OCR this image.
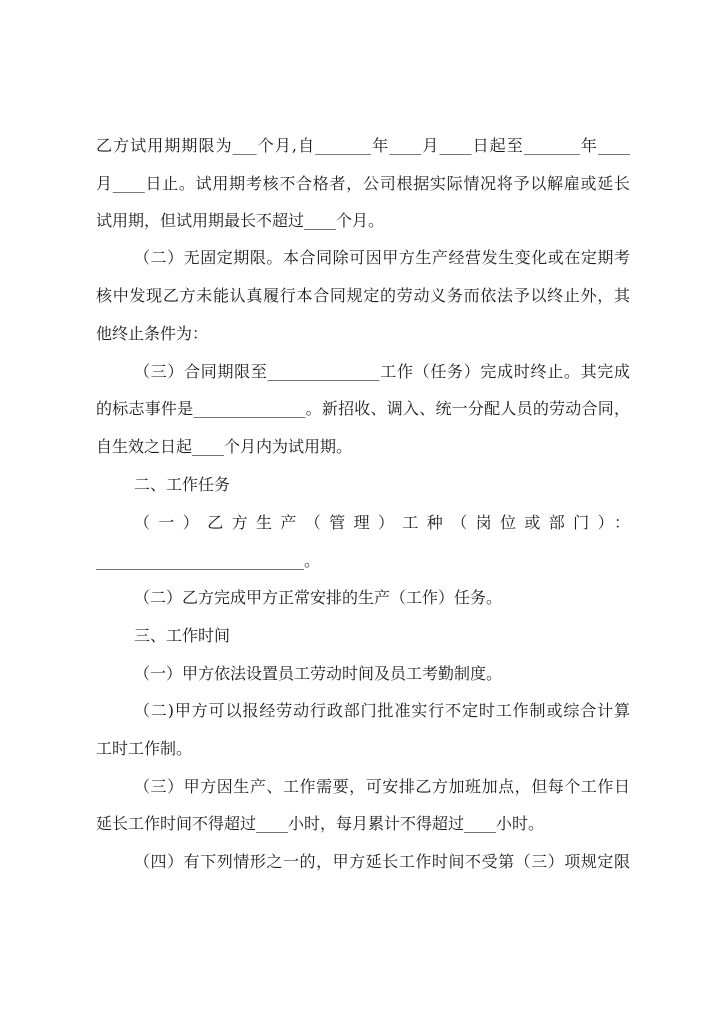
乙方试用期期限为___个月,自_______年____月____日起至_______年____
月____日止。试用期考核不合格者，公司根据实际情况将予以解雇或延长
试用期，但试用期最长不超过____个月。
（二）无固定期限。本合同除可因甲方生产经营发生变化或在定期考
核中发现乙方未能认真履行本合同规定的劳动义务而依法予以终止外，其
他终止条件为：
（三）合同期限至______________工作（任务）完成时终止。其完成
的标志事件是______________。新招收、调入、统一分配人员的劳动合同，
自生效之日起____个月内为试用期。
二、工作任务
（一）乙方生产（管理）工种（岗位或部门）：
__________________________。
（二）乙方完成甲方正常安排的生产（工作）任务。
三、工作时间
（一）甲方依法设置员工劳动时间及员工考勤制度。
（二)甲方可以报经劳动行政部门批准实行不定时工作制或综合计算
工时工作制。
（三）甲方因生产、工作需要，可安排乙方加班加点，但每个工作日
延长工作时间不得超过____小时，每月累计不得超过____小时。
（四）有下列情形之一的，甲方延长工作时间不受第（三）项规定限
